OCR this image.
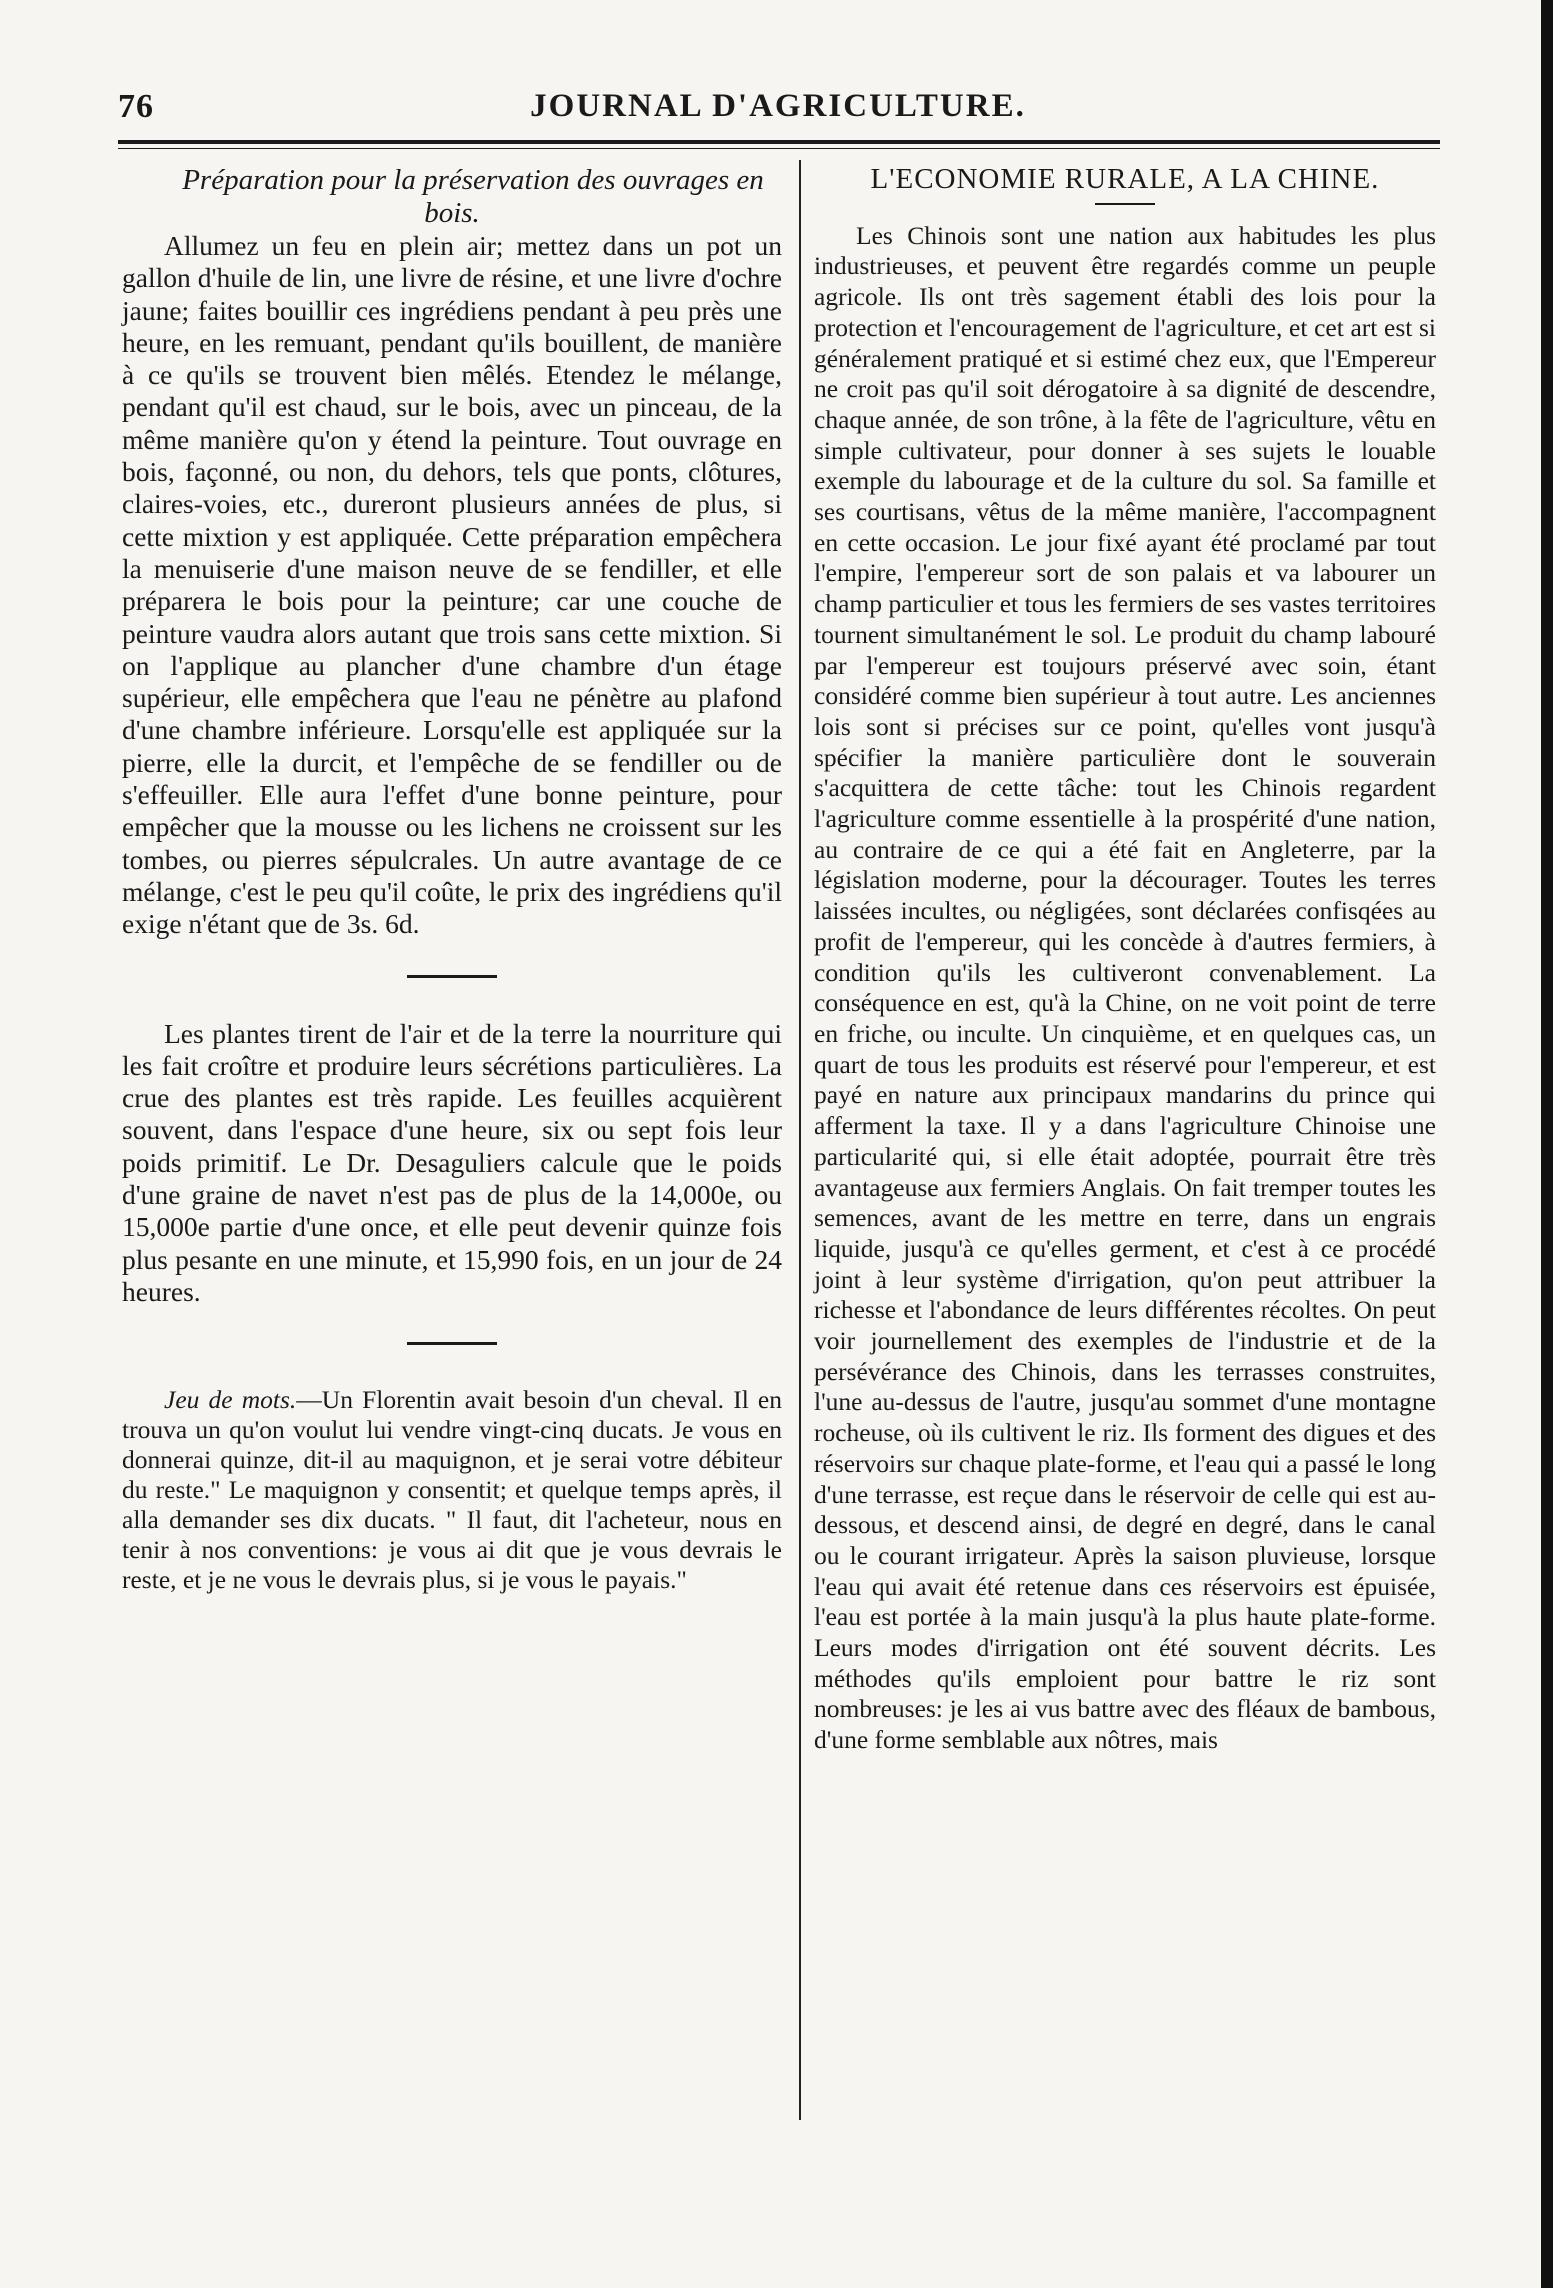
76	JOURNAL D'AGRICULTURE.

Préparation pour la préservation des ouvrages en bois.

Allumez un feu en plein air; mettez dans un pot un gallon d'huile de lin, une livre de résine, et une livre d'ochre jaune; faites bouillir ces ingrédiens pendant à peu près une heure, en les remuant, pendant qu'ils bouillent, de manière à ce qu'ils se trouvent bien mêlés. Etendez le mélange, pendant qu'il est chaud, sur le bois, avec un pinceau, de la même manière qu'on y étend la peinture. Tout ouvrage en bois, façonné, ou non, du dehors, tels que ponts, clôtures, claires-voies, etc., dureront plusieurs années de plus, si cette mixtion y est appliquée. Cette préparation empêchera la menuiserie d'une maison neuve de se fendiller, et elle préparera le bois pour la peinture; car une couche de peinture vaudra alors autant que trois sans cette mixtion. Si on l'applique au plancher d'une chambre d'un étage supérieur, elle empêchera que l'eau ne pénètre au plafond d'une chambre inférieure. Lorsqu'elle est appliquée sur la pierre, elle la durcit, et l'empêche de se fendiller ou de s'effeuiller. Elle aura l'effet d'une bonne peinture, pour empêcher que la mousse ou les lichens ne croissent sur les tombes, ou pierres sépulcrales. Un autre avantage de ce mélange, c'est le peu qu'il coûte, le prix des ingrédiens qu'il exige n'étant que de 3s. 6d.

Les plantes tirent de l'air et de la terre la nourriture qui les fait croître et produire leurs sécrétions particulières. La crue des plantes est très rapide. Les feuilles acquièrent souvent, dans l'espace d'une heure, six ou sept fois leur poids primitif. Le Dr. Desaguliers calcule que le poids d'une graine de navet n'est pas de plus de la 14,000e, ou 15,000e partie d'une once, et elle peut devenir quinze fois plus pesante en une minute, et 15,990 fois, en un jour de 24 heures.

Jeu de mots.—Un Florentin avait besoin d'un cheval. Il en trouva un qu'on voulut lui vendre vingt-cinq ducats. Je vous en donnerai quinze, dit-il au maquignon, et je serai votre débiteur du reste." Le maquignon y consentit; et quelque temps après, il alla demander ses dix ducats. " Il faut, dit l'acheteur, nous en tenir à nos conventions: je vous ai dit que je vous devrais le reste, et je ne vous le devrais plus, si je vous le payais."

L'ECONOMIE RURALE, A LA CHINE.

Les Chinois sont une nation aux habitudes les plus industrieuses, et peuvent être regardés comme un peuple agricole. Ils ont très sagement établi des lois pour la protection et l'encouragement de l'agriculture, et cet art est si généralement pratiqué et si estimé chez eux, que l'Empereur ne croit pas qu'il soit dérogatoire à sa dignité de descendre, chaque année, de son trône, à la fête de l'agriculture, vêtu en simple cultivateur, pour donner à ses sujets le louable exemple du labourage et de la culture du sol. Sa famille et ses courtisans, vêtus de la même manière, l'accompagnent en cette occasion. Le jour fixé ayant été proclamé par tout l'empire, l'empereur sort de son palais et va labourer un champ particulier et tous les fermiers de ses vastes territoires tournent simultanément le sol. Le produit du champ labouré par l'empereur est toujours préservé avec soin, étant considéré comme bien supérieur à tout autre. Les anciennes lois sont si précises sur ce point, qu'elles vont jusqu'à spécifier la manière particulière dont le souverain s'acquittera de cette tâche: tout les Chinois regardent l'agriculture comme essentielle à la prospérité d'une nation, au contraire de ce qui a été fait en Angleterre, par la législation moderne, pour la décourager. Toutes les terres laissées incultes, ou négligées, sont déclarées confisqées au profit de l'empereur, qui les concède à d'autres fermiers, à condition qu'ils les cultiveront convenablement. La conséquence en est, qu'à la Chine, on ne voit point de terre en friche, ou inculte. Un cinquième, et en quelques cas, un quart de tous les produits est réservé pour l'empereur, et est payé en nature aux principaux mandarins du prince qui afferment la taxe. Il y a dans l'agriculture Chinoise une particularité qui, si elle était adoptée, pourrait être très avantageuse aux fermiers Anglais. On fait tremper toutes les semences, avant de les mettre en terre, dans un engrais liquide, jusqu'à ce qu'elles germent, et c'est à ce procédé joint à leur système d'irrigation, qu'on peut attribuer la richesse et l'abondance de leurs différentes récoltes. On peut voir journellement des exemples de l'industrie et de la persévérance des Chinois, dans les terrasses construites, l'une au-dessus de l'autre, jusqu'au sommet d'une montagne rocheuse, où ils cultivent le riz. Ils forment des digues et des réservoirs sur chaque plate-forme, et l'eau qui a passé le long d'une terrasse, est reçue dans le réservoir de celle qui est au-dessous, et descend ainsi, de degré en degré, dans le canal ou le courant irrigateur. Après la saison pluvieuse, lorsque l'eau qui avait été retenue dans ces réservoirs est épuisée, l'eau est portée à la main jusqu'à la plus haute plate-forme. Leurs modes d'irrigation ont été souvent décrits. Les méthodes qu'ils emploient pour battre le riz sont nombreuses: je les ai vus battre avec des fléaux de bambous, d'une forme semblable aux nôtres, mais
